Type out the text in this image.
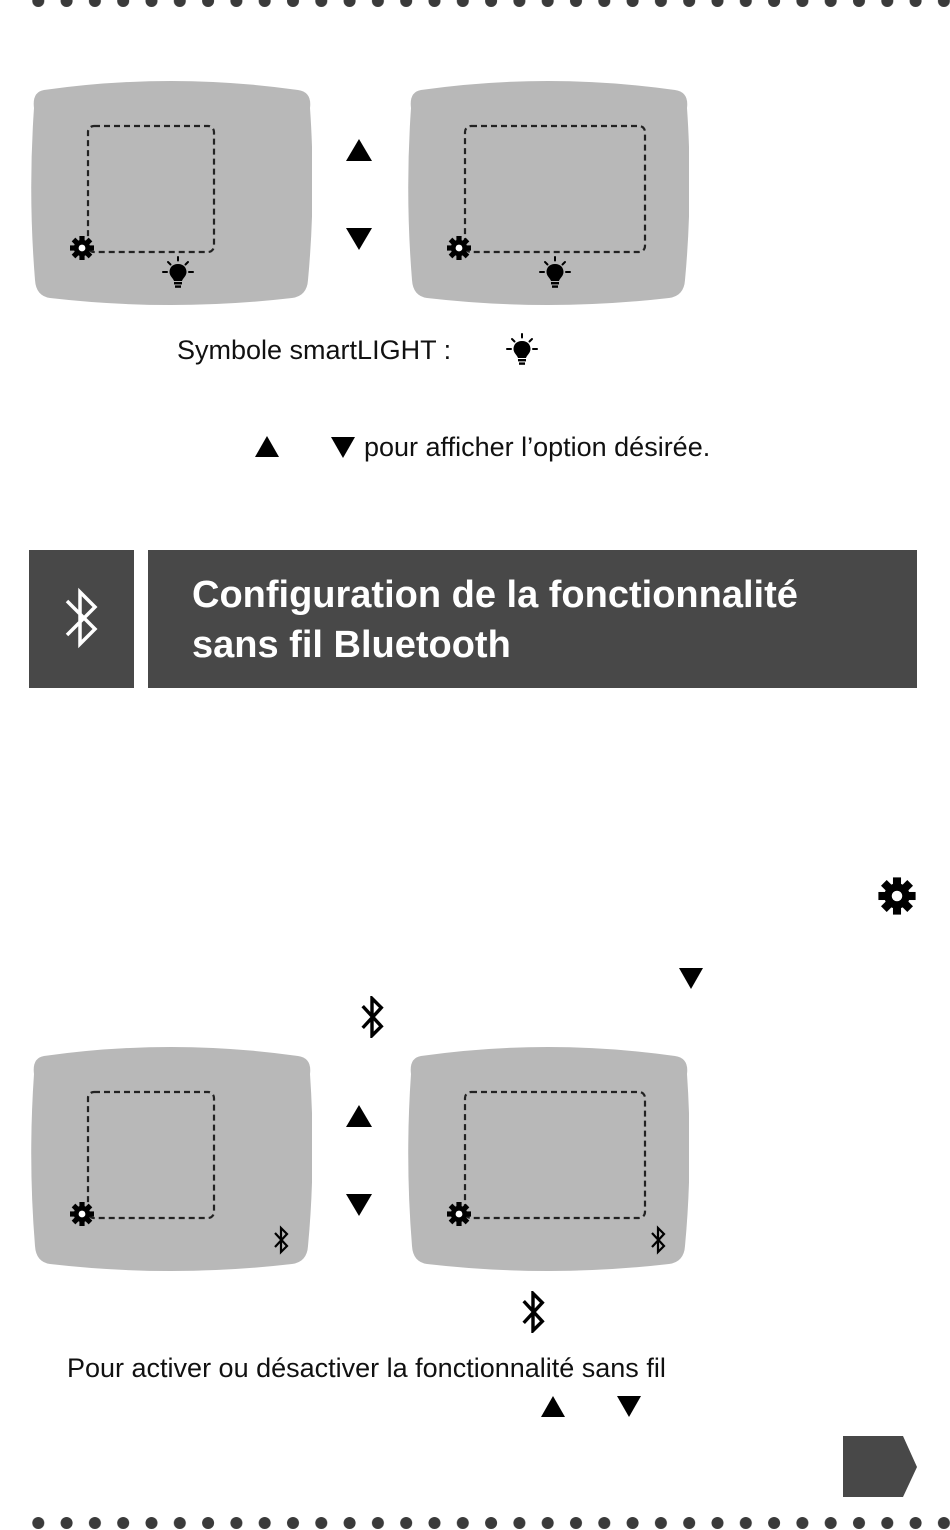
Symbole smartLIGHT :
pour afficher l’option désirée.
Configuration de la fonctionnalité
sans fil Bluetooth
Pour activer ou désactiver la fonctionnalité sans fil
